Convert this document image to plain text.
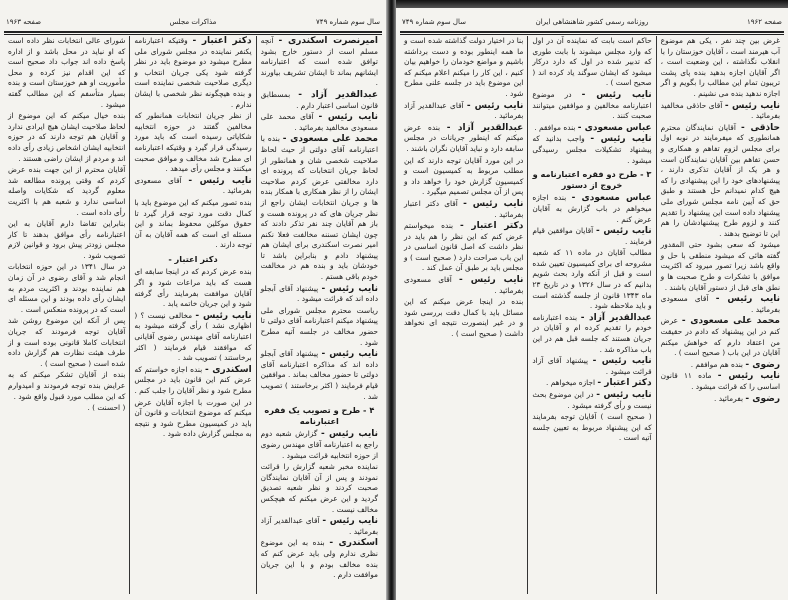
صفحه ۱۹۶۳	مذاکرات مجلس	سال سوم شماره ۷۴۹

امیرنصرت اسکندری - آنچه مسلم است از دستور خارج بشود توافق شده است که اعتبارنامه ایشانهم بماند تا ایشان تشریف بیاورند .

عبدالقدیر آزاد - بمسطابق قانون اساسی اعتبار دارم .

نایب رئیس - آقای محمد علی مسعودی مخالفید بفرمائید .

محمد علی مسعودی - بنده با اعتبارنامه آقای دولتی از حیث لحاظ صلاحیت شخصی شان و همانطور از لحاظ جریان انتخابات که پرونده ای دارد مخالفتی عرض کردم صلاحیت ایشان را از نظر همکاری با همکار بنده ها و جریان انتخابات ایشان راجع از نظر جریان های که در پرونده هست و باز هم آقایان چند نفر تذکر دادند که چون ایشان تسننه مخالفت فعلا نکنم امیر نصرت اسکندری برای ایشان هم پیشنهاد دادم و بنابراین باشد تا خودشان باید و بنده هم در مخالفت خودم باقی هستم .

نایب رئیس - پیشنهاد آقای آبجلو داده اند که قرائت میشود .

ریاست محترم مجلس شورای ملی پیشنهاد میکنم اعتبارنامه آقای دولتی تا حضور مخالف در جلسه آتیه مطرح شود .

نایب رئیس - پیشنهاد آقای آبجلو داده اند که مذاکره اعتبارنامه آقای دولتی تا حضور مخالف بماند . موافقین قیام فرمایند ( اکثر برخاستند ) تصویب شد .

۴ - طرح و تصویب یک فقره اعتبارنامه

نایب رئیس - گزارش شعبه دوم راجع به اعتبارنامه آقای مهندس رضوی از حوزه انتخابیه قرائت میشود .

نماینده مخبر شعبه گزارش را قرائت نمودند و پس از آن آقایان نمایندگان صحبت کردند و نظر شعبه تصدیق گردید و این عرض میکنم که هیچکس مخالف نیست .

نایب رئیس - آقای عبدالقدیر آزاد بفرمائید .

اسکندری - بنده به این موضوع نظری ندارم ولی باید عرض کنم که بنده مخالف بودم و با این جریان موافقت دارم .

دکتر اعتبار - وقتیکه اعتبارنامه یکنفر نماینده در مجلس شورای ملی مطرح میشود دو موضوع باید در نظر گرفته شود یکی جریان انتخاب و دیگری صلاحیت شخصی نماینده است و بنده هیچگونه نظر شخصی با ایشان ندارم .

از نظر جریان انتخابات همانطور که مخالفین گفتند در حوزه انتخابیه شکایاتی رسیده است که باید مورد رسیدگی قرار گیرد و وقتیکه اعتبارنامه ای مطرح شد مخالف و موافق صحبت میکنند و مجلس رأی میدهد .

نایب رئیس - آقای مسعودی بفرمائید .

بنده تصور میکنم که این موضوع باید با کمال دقت مورد توجه قرار گیرد تا حقوق موکلین محفوظ بماند و این مسئله ای است که همه آقایان به آن توجه دارند .

دکتر اعتبار -

بنده عرض کردم که در اینجا سابقه ای هست که باید مراعات شود و اگر آقایان موافقت بفرمایند رأی گرفته شود و این جریان خاتمه یابد .

نایب رئیس - مخالفی نیست ؟ ( اظهاری نشد ) رأی گرفته میشود به اعتبارنامه آقای مهندس رضوی آقایانی که موافقند قیام فرمایند ( اکثر برخاستند ) تصویب شد .

اسکندری - بنده اجازه خواستم که عرض کنم این قانون باید در مجلس مطرح شود و نظر آقایان را جلب کنم .

در این صورت با اجازه آقایان عرض میکنم که موضوع انتخابات و قانون آن باید در کمیسیون مطرح شود و نتیجه به مجلس گزارش داده شود .

شورای عالی انتخابات نظر داده است که او نباید در محل باشد و از اداره پاسخ داده اند جواب داد صحیح است که این اقدام نیز کرده و محل مأموریت او هم خوزستان است و بنده بسیار متأسفم که این مطالب گفته میشود .

بنده خیال میکنم که این موضوع از لحاظ صلاحیت ایشان هیچ ایرادی ندارد و آقایان هم توجه دارند که در حوزه انتخابیه ایشان اشخاص زیادی رأی داده اند و مردم از ایشان راضی هستند .

آقایان محترم از این جهت بنده عرض کردم که وقتی پرونده مطالعه شد معلوم گردید که شکایات واصله اساسی ندارد و شعبه هم با اکثریت رأی داده است .

بنابراین تقاضا دارم آقایان به این اعتبارنامه رأی موافق بدهند تا کار مجلس زودتر پیش برود و قوانین لازم تصویب شود .

در سال ۱۳۴۱ در این حوزه انتخابات انجام شد و آقای رضوی در آن زمان هم نماینده بودند و اکثریت مردم به ایشان رأی داده بودند و این مسئله ای است که در پرونده منعکس است .

پس از آنکه این موضوع روشن شد آقایان توجه فرمودند که جریان انتخابات کاملا قانونی بوده است و از طرف هیئت نظارت هم گزارش داده شده است ( صحیح است ) .

بنده از آقایان تشکر میکنم که به عرایض بنده توجه فرمودند و امیدوارم که این مطلب مورد قبول واقع شود .

( احسنت ) .

صفحه ۱۹۶۲
روزنامه رسمی کشور شاهنشاهی ایران
سال سوم شماره ۷۴۹

غرض بین چند نفر ، یکی هم موضوع آب هیرمند است ، آقایان خوزستان را با انقلاب نگذاشته ، این وضعیت است ، اگر آقایان اجازه بدهید بنده پای پشت تریبون تمام این مطالب را بگویم و اگر اجازه ندهید بنده می نشینم .

نایب رئیس - آقای حاذقی مخالفید بفرمائید .

حاذقی - آقایان نمایندگان محترم همانطوری که میفرمایند در نوبه اول برای مجلس لزوم تفاهم و همکاری و حسن تفاهم بین آقایان نمایندگان است و هر یک از آقایان تذکری دارند ، پیشنهادهای خود را این پیشنهادی را که هیچ کدام نمیدانم حل هستند و طبق حق که آیین نامه مجلس شورای ملی پیشنهاد داده است این پیشنهاد را تقدیم کنند و لزوم طرح پیشنهادشان را هم این تا توضیح بدهند .

میشود که سعی بشود حتی المقدور گفته هائی که میشود منطقی با حل و واقع باشد زیرا تصور میرود که اکثریت موافق با تشکرات و طرح صحبت ها و نطق های قبل از دستور آقایان باشند .

نایب رئیس - آقای مسعودی بفرمائید .

محمد علی مسعودی - عرض کنم در این پیشنهاد که دادم در حقیقت من اعتقاد دارم که خواهش میکنم آقایان در این باب ( صحیح است ) .

رضوی - بنده هم موافقم .

نایب رئیس - ماده ۱۱ قانون اساسی را که قرائت میشود .

رضوی - بفرمائید .

حاکم است بابت که نماینده آن در اول که وارد مجلس میشوند با بابت طوری که تدبیر شده در اول که دارد درکار میشود که ایشان سوگند یاد کرده اند ( صحیح است ) .

نایب رئیس - در موضوع اعتبارنامه مخالفین و موافقین میتوانند صحبت کنند .

عباس مسعودی - بنده موافقم .

نایب رئیس - واجب بدانید که پیشنهاد تشکیلات مجلس رسیدگی میشود .

۳ - طرح دو فقره اعتبارنامه و خروج از دستور

عباس مسعودی - بنده اجازه میخواهم در باب گزارش به آقایان عرض کنم .

نایب رئیس - آقایان موافقین قیام فرمایند .

مطالب آقایان در ماده ۱۱ که شعبه مشروحه ای برای کمیسیون تعیین شده است و قبل از آنکه وارد بحث شویم بدانیم که در سال ۱۳۲۶ و در تاریخ ۲۳ ماه ۱۳۴۳ قانون از جلسه گذشته است و باید ملاحظه شود .

عبدالقدیر آزاد - بنده اعتبارنامه خودم را تقدیم کرده ام و آقایان در جریان هستند که جلسه قبل هم در این باب مذاکره شد .

نایب رئیس - پیشنهاد آقای آزاد قرائت میشود .

دکتر اعتبار - اجازه میخواهم .

نایب رئیس - در این موضوع بحث نیست و رأی گرفته میشود .

( صحیح است ) آقایان توجه بفرمایند که این پیشنهاد مربوط به تعیین جلسه آتیه است .

بنا در اختیار دولت گذاشته شده است و ما همه اینطور بوده و دست برداشته باشیم و مواضع خودمان را خواهیم بیان کنیم ، این کار را میکنم اعلام میکنم که این موضوع باید در جلسه علنی مطرح شود .

نایب رئیس - آقای عبدالقدیر آزاد بفرمائید .

عبدالقدیر آزاد - بنده عرض میکنم که اینطور جریانات در مجلس سابقه دارد و نباید آقایان نگران باشند .

در این مورد آقایان توجه دارند که این مطلب مربوط به کمیسیون است و کمیسیون گزارش خود را خواهد داد و پس از آن مجلس تصمیم میگیرد .

نایب رئیس - آقای دکتر اعتبار بفرمائید .

دکتر اعتبار - بنده میخواستم عرض کنم که این نظر را هم باید در نظر داشت که اصل قانون اساسی در این باب صراحت دارد ( صحیح است ) و مجلس باید بر طبق آن عمل کند .

نایب رئیس - آقای مسعودی بفرمائید .

بنده در اینجا عرض میکنم که این مسائل باید با کمال دقت بررسی شود و در غیر اینصورت نتیجه ای نخواهد داشت ( صحیح است ) .
